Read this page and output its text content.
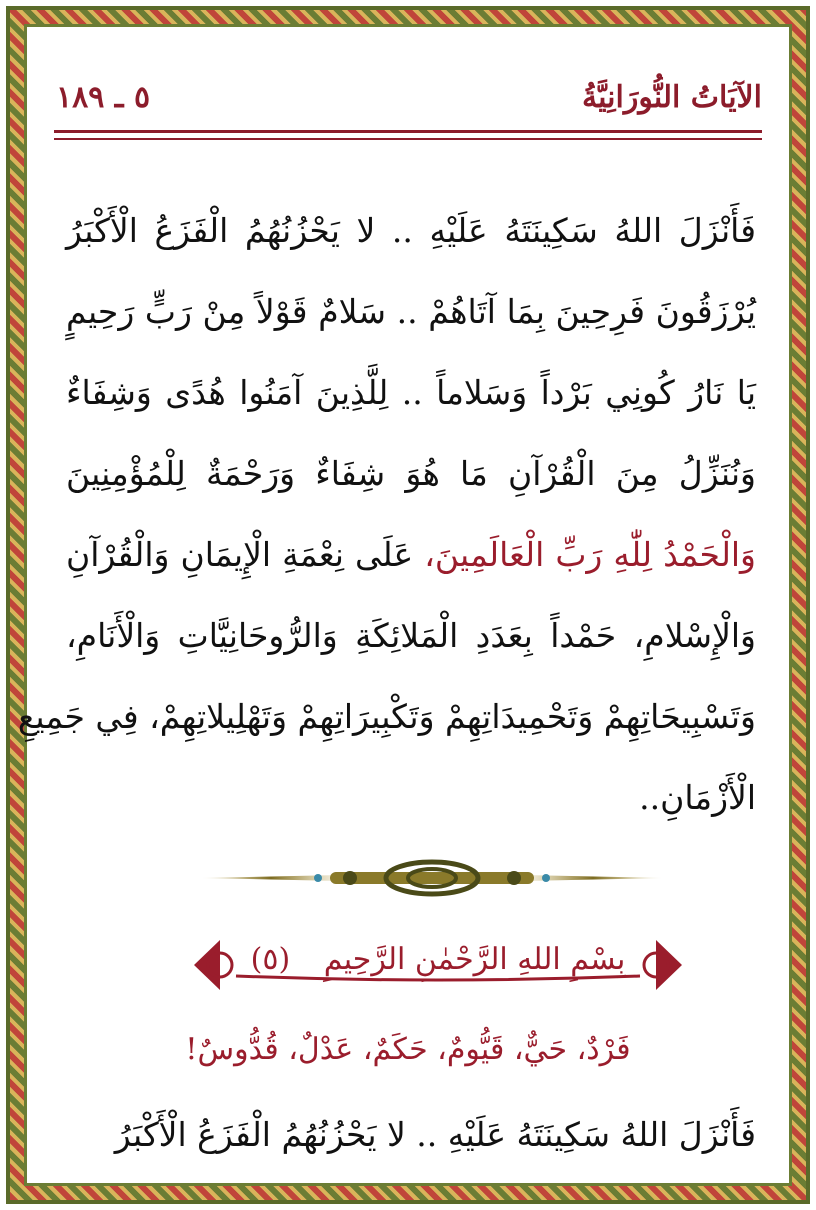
الآيَاتُ النُّورَانِيَّةُ
٥ ـ ١٨٩
فَأَنْزَلَ اللهُ سَكِينَتَهُ عَلَيْهِ .. لا يَحْزُنُهُمُ الْفَزَعُ الْأَكْبَرُ
يُرْزَقُونَ فَرِحِينَ بِمَا آتَاهُمْ .. سَلامٌ قَوْلاً مِنْ رَبٍّ رَحِيمٍ
يَا نَارُ كُونِي بَرْداً وَسَلاماً .. لِلَّذِينَ آمَنُوا هُدًى وَشِفَاءٌ
وَنُنَزِّلُ مِنَ الْقُرْآنِ مَا هُوَ شِفَاءٌ وَرَحْمَةٌ لِلْمُؤْمِنِينَ
وَالْحَمْدُ لِلّٰهِ رَبِّ الْعَالَمِينَ، عَلَى نِعْمَةِ الْإِيمَانِ وَالْقُرْآنِ
وَالْإِسْلامِ، حَمْداً بِعَدَدِ الْمَلائِكَةِ وَالرُّوحَانِيَّاتِ وَالْأَنَامِ،
وَتَسْبِيحَاتِهِمْ وَتَحْمِيدَاتِهِمْ وَتَكْبِيرَاتِهِمْ وَتَهْلِيلاتِهِمْ، فِي جَمِيعِ
الْأَزْمَانِ..
بِسْمِ اللهِ الرَّحْمٰنِ الرَّحِيمِ (٥)
فَرْدٌ، حَيٌّ، قَيُّومٌ، حَكَمٌ، عَدْلٌ، قُدُّوسٌ!
فَأَنْزَلَ اللهُ سَكِينَتَهُ عَلَيْهِ .. لا يَحْزُنُهُمُ الْفَزَعُ الْأَكْبَرُ
